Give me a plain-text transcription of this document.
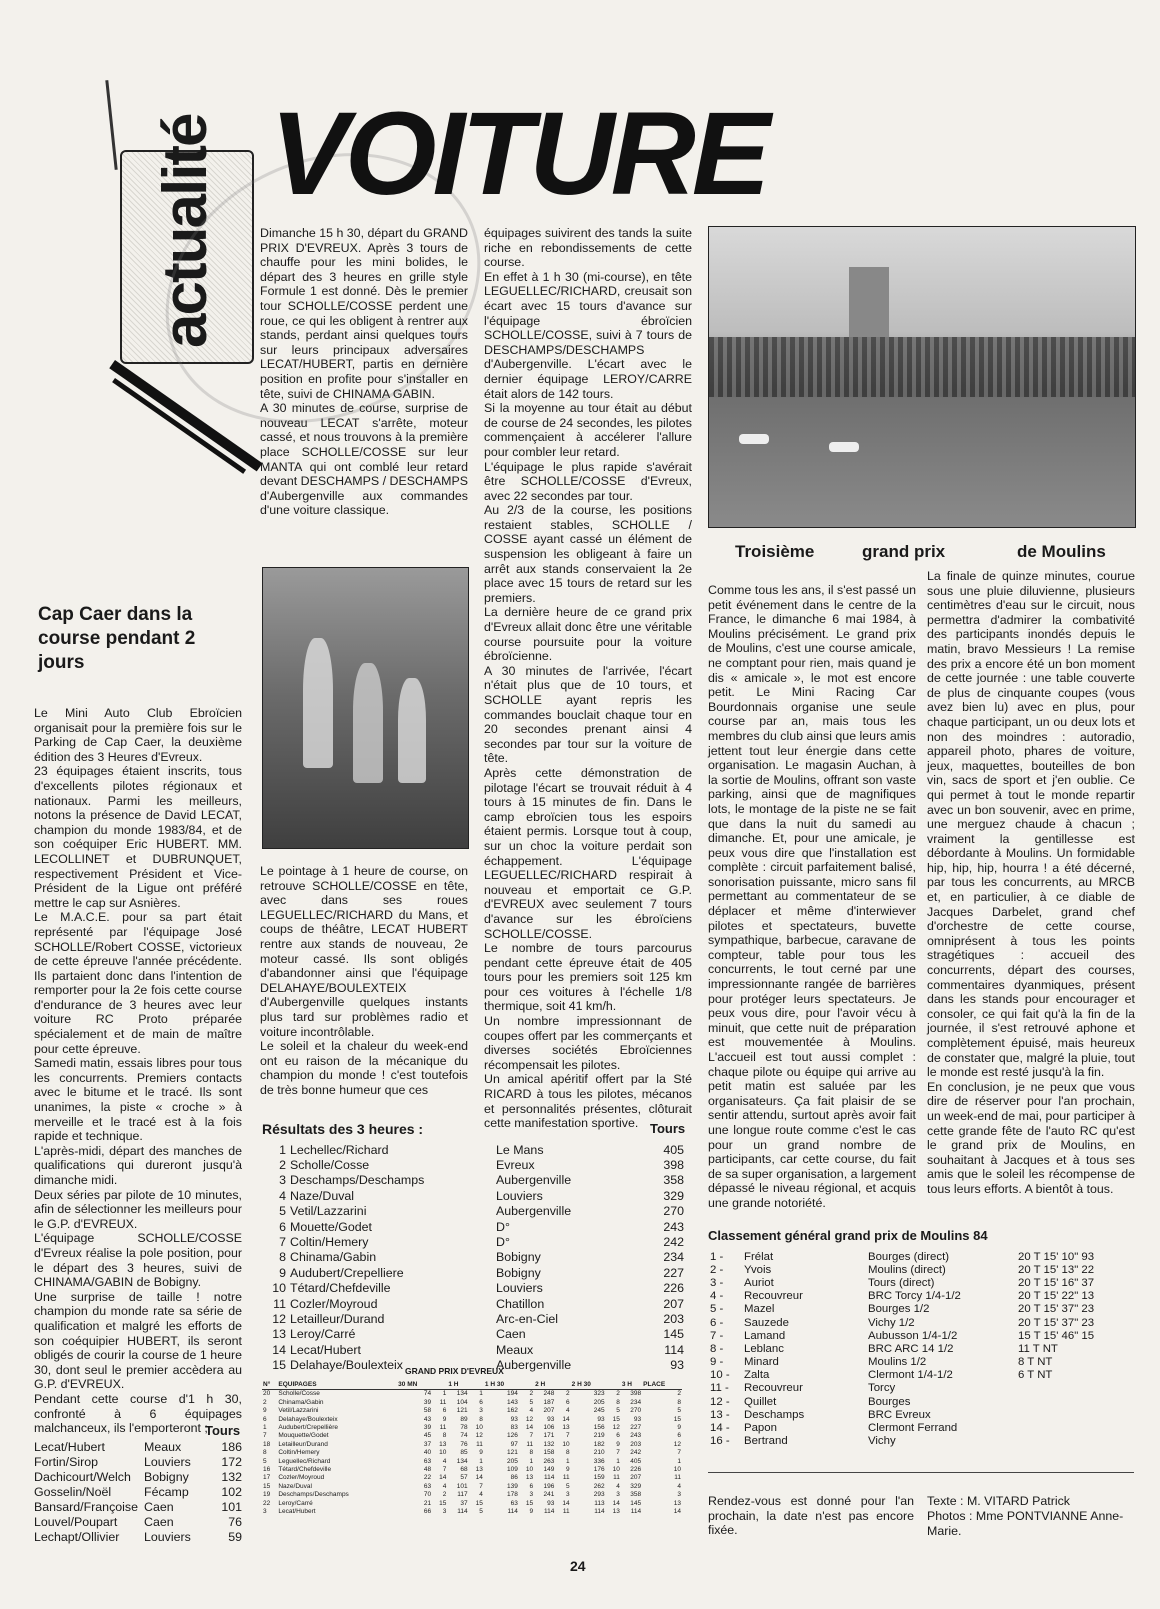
actualité VOITURE
Cap Caer dans la course pendant 2 jours

Le Mini Auto Club Ebroïcien organisait pour la première fois sur le Parking de Cap Caer, la deuxième édition des 3 Heures d'Evreux.

23 équipages étaient inscrits, tous d'excellents pilotes régionaux et nationaux. Parmi les meilleurs, notons la présence de David LECAT, champion du monde 1983/84, et de son coéquiper Eric HUBERT. MM. LECOLLINET et DUBRUNQUET, respectivement Président et Vice-Président de la Ligue ont préféré mettre le cap sur Asnières.

Le M.A.C.E. pour sa part était représenté par l'équipage José SCHOLLE/Robert COSSE, victorieux de cette épreuve l'année précédente. Ils partaient donc dans l'intention de remporter pour la 2e fois cette course d'endurance de 3 heures avec leur voiture RC Proto préparée spécialement et de main de maître pour cette épreuve.

Samedi matin, essais libres pour tous les concurrents. Premiers contacts avec le bitume et le tracé. Ils sont unanimes, la piste « croche » à merveille et le tracé est à la fois rapide et technique.

L'après-midi, départ des manches de qualifications qui dureront jusqu'à dimanche midi.

Deux séries par pilote de 10 minutes, afin de sélectionner les meilleurs pour le G.P. d'EVREUX.

L'équipage SCHOLLE/COSSE d'Evreux réalise la pole position, pour le départ des 3 heures, suivi de CHINAMA/GABIN de Bobigny.

Une surprise de taille ! notre champion du monde rate sa série de qualification et malgré les efforts de son coéquipier HUBERT, ils seront obligés de courir la course de 1 heure 30, dont seul le premier accèdera au G.P. d'EVREUX.

Pendant cette course d'1 h 30, confronté à 6 équipages malchanceux, ils l'emporteront ;

Tours
Lecat/Hubert	Meaux	186
Fortin/Sirop	Louviers	172
Dachicourt/Welch	Bobigny	132
Gosselin/Noël	Fécamp	102
Bansard/Françoise	Caen	101
Louvel/Poupart	Caen	76
Lechapt/Ollivier	Louviers	59

Dimanche 15 h 30, départ du GRAND PRIX D'EVREUX. Après 3 tours de chauffe pour les mini bolides, le départ des 3 heures en grille style Formule 1 est donné. Dès le premier tour SCHOLLE/COSSE perdent une roue, ce qui les obligent à rentrer aux stands, perdant ainsi quelques tours sur leurs principaux adversaires LECAT/HUBERT, partis en dernière position en profite pour s'installer en tête, suivi de CHINAMA GABIN.

A 30 minutes de course, surprise de nouveau LECAT s'arrête, moteur cassé, et nous trouvons à la première place SCHOLLE/COSSE sur leur MANTA qui ont comblé leur retard devant DESCHAMPS / DESCHAMPS d'Aubergenville aux commandes d'une voiture classique.

Le pointage à 1 heure de course, on retrouve SCHOLLE/COSSE en tête, avec dans ses roues LEGUELLEC/RICHARD du Mans, et coups de théâtre, LECAT HUBERT rentre aux stands de nouveau, 2e moteur cassé. Ils sont obligés d'abandonner ainsi que l'équipage DELAHAYE/BOULEXTEIX d'Aubergenville quelques instants plus tard sur problèmes radio et voiture incontrôlable.

Le soleil et la chaleur du week-end ont eu raison de la mécanique du champion du monde ! c'est toutefois de très bonne humeur que ces

équipages suivirent des tands la suite riche en rebondissements de cette course.

En effet à 1 h 30 (mi-course), en tête LEGUELLEC/RICHARD, creusait son écart avec 15 tours d'avance sur l'équipage ébroïcien SCHOLLE/COSSE, suivi à 7 tours de DESCHAMPS/DESCHAMPS d'Aubergenville. L'écart avec le dernier équipage LEROY/CARRE était alors de 142 tours.

Si la moyenne au tour était au début de course de 24 secondes, les pilotes commençaient à accélerer l'allure pour combler leur retard.

L'équipage le plus rapide s'avérait être SCHOLLE/COSSE d'Evreux, avec 22 secondes par tour.

Au 2/3 de la course, les positions restaient stables, SCHOLLE / COSSE ayant cassé un élément de suspension les obligeant à faire un arrêt aux stands conservaient la 2e place avec 15 tours de retard sur les premiers.

La dernière heure de ce grand prix d'Evreux allait donc être une véritable course poursuite pour la voiture ébroïcienne.

A 30 minutes de l'arrivée, l'écart n'était plus que de 10 tours, et SCHOLLE ayant repris les commandes bouclait chaque tour en 20 secondes prenant ainsi 4 secondes par tour sur la voiture de tête.

Après cette démonstration de pilotage l'écart se trouvait réduit à 4 tours à 15 minutes de fin. Dans le camp ebroïcien tous les espoirs étaient permis. Lorsque tout à coup, sur un choc la voiture perdait son échappement. L'équipage LEGUELLEC/RICHARD respirait à nouveau et emportait ce G.P. d'EVREUX avec seulement 7 tours d'avance sur les ébroïciens SCHOLLE/COSSE.

Le nombre de tours parcourus pendant cette épreuve était de 405 tours pour les premiers soit 125 km pour ces voitures à l'échelle 1/8 thermique, soit 41 km/h.

Un nombre impressionnant de coupes offert par les commerçants et diverses sociétés Ebroïciennes récompensait les pilotes.

Un amical apéritif offert par la Sté RICARD à tous les pilotes, mécanos et personnalités présentes, clôturait cette manifestation sportive.

Résultats des 3 heures :	Tours
1	Lechellec/Richard	Le Mans	405
2	Scholle/Cosse	Evreux	398
3	Deschamps/Deschamps	Aubergenville	358
4	Naze/Duval	Louviers	329
5	Vetil/Lazzarini	Aubergenville	270
6	Mouette/Godet	D°	243
7	Coltin/Hemery	D°	242
8	Chinama/Gabin	Bobigny	234
9	Audubert/Crepelliere	Bobigny	227
10	Tétard/Chefdeville	Louviers	226
11	Cozler/Moyroud	Chatillon	207
12	Letailleur/Durand	Arc-en-Ciel	203
13	Leroy/Carré	Caen	145
14	Lecat/Hubert	Meaux	114
15	Delahaye/Boulexteix	Aubergenville	93
GRAND PRIX D'EVREUX
N°	EQUIPAGES	30 MN		1 H		1 H 30		2 H		2 H 30		3 H	PLACE
20	Scholle/Cosse	74	1	134	1	194	2	248	2	323	2	398	2
2	Chinama/Gabin	39	11	104	6	143	5	187	6	205	8	234	8
9	Vetil/Lazzarini	58	6	121	3	162	4	207	4	245	5	270	5
6	Delahaye/Boulexteix	43	9	89	8	93	12	93	14	93	15	93	15
1	Audubert/Crepellière	39	11	78	10	83	14	106	13	156	12	227	9
7	Mouquette/Godet	45	8	74	12	126	7	171	7	219	6	243	6
18	Letailleur/Durand	37	13	76	11	97	11	132	10	182	9	203	12
8	Coltin/Hemery	40	10	85	9	121	8	158	8	210	7	242	7
5	Leguellec/Richard	63	4	134	1	205	1	263	1	336	1	405	1
16	Tétard/Chefdeville	48	7	68	13	109	10	149	9	176	10	226	10
17	Cozler/Moyroud	22	14	57	14	86	13	114	11	159	11	207	11
15	Naze/Duval	63	4	101	7	139	6	196	5	262	4	329	4
19	Deschamps/Deschamps	70	2	117	4	178	3	241	3	293	3	358	3
22	Leroy/Carré	21	15	37	15	63	15	93	14	113	14	145	13
3	Lecat/Hubert	66	3	114	5	114	9	114	11	114	13	114	14
Troisième	grand prix	de Moulins

Comme tous les ans, il s'est passé un petit événement dans le centre de la France, le dimanche 6 mai 1984, à Moulins précisément. Le grand prix de Moulins, c'est une course amicale, ne comptant pour rien, mais quand je dis « amicale », le mot est encore petit. Le Mini Racing Car Bourdonnais organise une seule course par an, mais tous les membres du club ainsi que leurs amis jettent tout leur énergie dans cette organisation. Le magasin Auchan, à la sortie de Moulins, offrant son vaste parking, ainsi que de magnifiques lots, le montage de la piste ne se fait que dans la nuit du samedi au dimanche. Et, pour une amicale, je peux vous dire que l'installation est complète : circuit parfaitement balisé, sonorisation puissante, micro sans fil permettant au commentateur de se déplacer et même d'interwiever pilotes et spectateurs, buvette sympathique, barbecue, caravane de compteur, table pour tous les concurrents, le tout cerné par une impressionnante rangée de barrières pour protéger leurs spectateurs. Je peux vous dire, pour l'avoir vécu à minuit, que cette nuit de préparation est mouvementée à Moulins. L'accueil est tout aussi complet : chaque pilote ou équipe qui arrive au petit matin est saluée par les organisateurs. Ça fait plaisir de se sentir attendu, surtout après avoir fait une longue route comme c'est le cas pour un grand nombre de participants, car cette course, du fait de sa super organisation, a largement dépassé le niveau régional, et acquis une grande notoriété.

La finale de quinze minutes, courue sous une pluie diluvienne, plusieurs centimètres d'eau sur le circuit, nous permettra d'admirer la combativité des participants inondés depuis le matin, bravo Messieurs ! La remise des prix a encore été un bon moment de cette journée : une table couverte de plus de cinquante coupes (vous avez bien lu) avec en plus, pour chaque participant, un ou deux lots et non des moindres : autoradio, appareil photo, phares de voiture, jeux, maquettes, bouteilles de bon vin, sacs de sport et j'en oublie. Ce qui permet à tout le monde repartir avec un bon souvenir, avec en prime, une merguez chaude à chacun ; vraiment la gentillesse est débordante à Moulins. Un formidable hip, hip, hip, hourra ! a été décerné, par tous les concurrents, au MRCB et, en particulier, à ce diable de Jacques Darbelet, grand chef d'orchestre de cette course, omniprésent à tous les points stragétiques : accueil des concurrents, départ des courses, commentaires dyanmiques, présent dans les stands pour encourager et consoler, ce qui fait qu'à la fin de la journée, il s'est retrouvé aphone et complètement épuisé, mais heureux de constater que, malgré la pluie, tout le monde est resté jusqu'à la fin.

En conclusion, je ne peux que vous dire de réserver pour l'an prochain, un week-end de mai, pour participer à cette grande fête de l'auto RC qu'est le grand prix de Moulins, en souhaitant à Jacques et à tous ses amis que le soleil les récompense de tous leurs efforts. A bientôt à tous.

Classement général grand prix de Moulins 84
1 -	Frélat	Bourges (direct)	20 T 15' 10" 93
2 -	Yvois	Moulins (direct)	20 T 15' 13" 22
3 -	Auriot	Tours (direct)	20 T 15' 16" 37
4 -	Recouvreur	BRC Torcy 1/4-1/2	20 T 15' 22" 13
5 -	Mazel	Bourges 1/2	20 T 15' 37" 23
6 -	Sauzede	Vichy 1/2	20 T 15' 37" 23
7 -	Lamand	Aubusson 1/4-1/2	15 T 15' 46" 15
8 -	Leblanc	BRC ARC 14 1/2	11 T NT
9 -	Minard	Moulins 1/2	8 T NT
10 -	Zalta	Clermont 1/4-1/2	6 T NT
11 -	Recouvreur	Torcy	
12 -	Quillet	Bourges	
13 -	Deschamps	BRC Evreux	
14 -	Papon	Clermont Ferrand	
16 -	Bertrand	Vichy	
Rendez-vous est donné pour l'an prochain, la date n'est pas encore fixée.
Texte : M. VITARD Patrick
Photos : Mme PONTVIANNE Anne-Marie.
24
